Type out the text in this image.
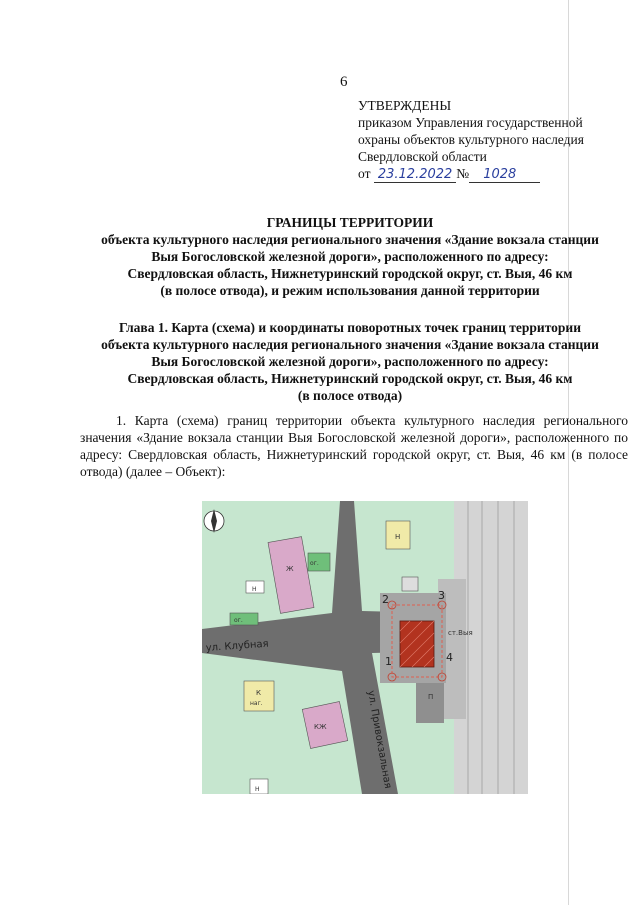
6
УТВЕРЖДЕНЫ
приказом Управления государственной
охраны объектов культурного наследия
Свердловской области
от 23.12.2022 № 1028
ГРАНИЦЫ ТЕРРИТОРИИ
объекта культурного наследия регионального значения «Здание вокзала станции
Выя Богословской железной дороги», расположенного по адресу:
Свердловская область, Нижнетуринский городской округ, ст. Выя, 46 км
(в полосе отвода), и режим использования данной территории
Глава 1. Карта (схема) и координаты поворотных точек границ территории
объекта культурного наследия регионального значения «Здание вокзала станции
Выя Богословской железной дороги», расположенного по адресу:
Свердловская область, Нижнетуринский городской округ, ст. Выя, 46 км
(в полосе отвода)
1. Карта (схема) границ территории объекта культурного наследия регионального значения «Здание вокзала станции Выя Богословской железной дороги», расположенного по адресу: Свердловская область, Нижнетуринский городской округ, ст. Выя, 46 км (в полосе отвода) (далее – Объект):
Ж
Н
ог.
Н
ог.
К
наг.
КЖ
Н
П
ул. Клубная
ул. Привокзальная
ст.Выя
1
2	3
4
